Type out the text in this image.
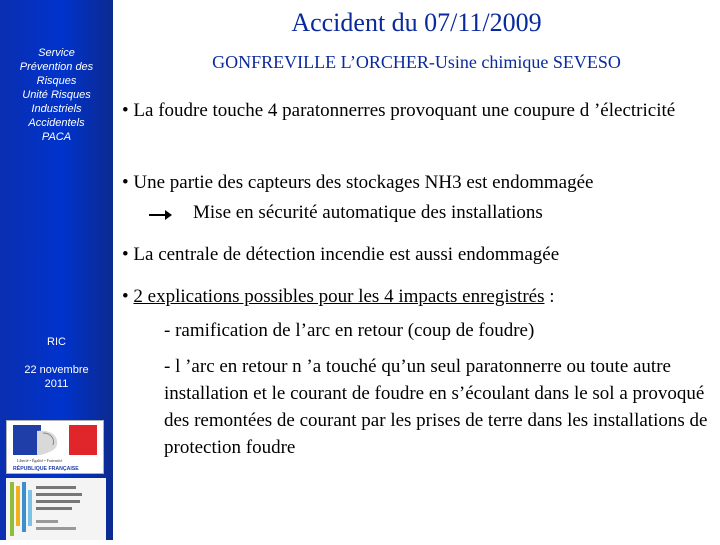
Service
Prévention des
Risques
Unité Risques
Industriels
Accidentels
PACA
RIC
22 novembre
2011
Liberté • Égalité • Fraternité
RÉPUBLIQUE FRANÇAISE
Accident du 07/11/2009
GONFREVILLE L’ORCHER-Usine chimique SEVESO
• La foudre touche 4 paratonnerres provoquant une coupure d ’électricité
• Une partie des capteurs des stockages NH3 est endommagée
Mise en sécurité automatique des installations
• La centrale de détection incendie est aussi endommagée
• 2 explications possibles pour les 4 impacts enregistrés :
- ramification de l’arc en retour (coup de foudre)
- l ’arc en retour n ’a touché qu’un seul paratonnerre ou toute autre installation et le courant de foudre en s’écoulant dans le sol a provoqué des remontées de courant par les prises de terre dans les installations de protection foudre
